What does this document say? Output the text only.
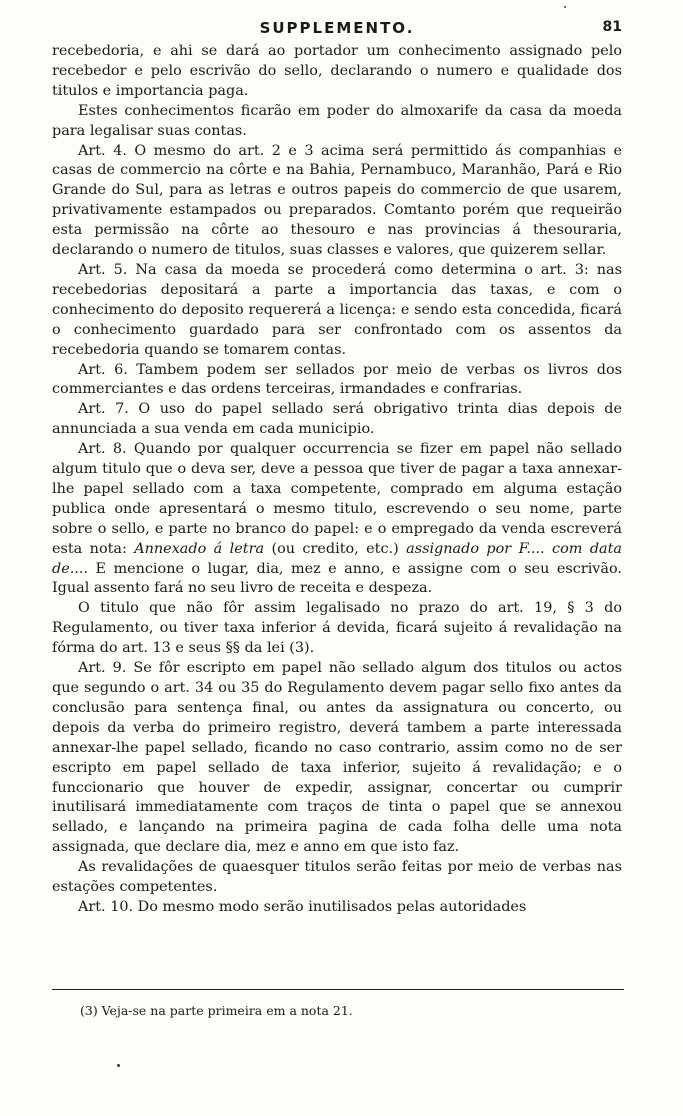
SUPPLEMENTO.	81

recebedoria, e ahi se dará ao portador um conhecimento assignado pelo recebedor e pelo escrivão do sello, declarando o numero e qualidade dos titulos e importancia paga.

Estes conhecimentos ficarão em poder do almoxarife da casa da moeda para legalisar suas contas.

Art. 4. O mesmo do art. 2 e 3 acima será permittido ás companhias e casas de commercio na côrte e na Bahia, Pernambuco, Maranhão, Pará e Rio Grande do Sul, para as letras e outros papeis do commercio de que usarem, privativamente estampados ou preparados. Comtanto porém que requeirão esta permissão na côrte ao thesouro e nas provincias á thesouraria, declarando o numero de titulos, suas classes e valores, que quizerem sellar.

Art. 5. Na casa da moeda se procederá como determina o art. 3: nas recebedorias depositará a parte a importancia das taxas, e com o conhecimento do deposito requererá a licença: e sendo esta concedida, ficará o conhecimento guardado para ser confrontado com os assentos da recebedoria quando se tomarem contas.

Art. 6. Tambem podem ser sellados por meio de verbas os livros dos commerciantes e das ordens terceiras, irmandades e confrarias.

Art. 7. O uso do papel sellado será obrigativo trinta dias depois de annunciada a sua venda em cada municipio.

Art. 8. Quando por qualquer occurrencia se fizer em papel não sellado algum titulo que o deva ser, deve a pessoa que tiver de pagar a taxa annexar-lhe papel sellado com a taxa competente, comprado em alguma estação publica onde apresentará o mesmo titulo, escrevendo o seu nome, parte sobre o sello, e parte no branco do papel: e o empregado da venda escreverá esta nota: Annexado á letra (ou credito, etc.) assignado por F.... com data de.... E mencione o lugar, dia, mez e anno, e assigne com o seu escrivão. Igual assento fará no seu livro de receita e despeza.

O titulo que não fôr assim legalisado no prazo do art. 19, § 3 do Regulamento, ou tiver taxa inferior á devida, ficará sujeito á revalidação na fórma do art. 13 e seus §§ da lei (3).

Art. 9. Se fôr escripto em papel não sellado algum dos titulos ou actos que segundo o art. 34 ou 35 do Regulamento devem pagar sello fixo antes da conclusão para sentença final, ou antes da assignatura ou concerto, ou depois da verba do primeiro registro, deverá tambem a parte interessada annexar-lhe papel sellado, ficando no caso contrario, assim como no de ser escripto em papel sellado de taxa inferior, sujeito á revalidação; e o funccionario que houver de expedir, assignar, concertar ou cumprir inutilisará immediatamente com traços de tinta o papel que se annexou sellado, e lançando na primeira pagina de cada folha delle uma nota assignada, que declare dia, mez e anno em que isto faz.

As revalidações de quaesquer titulos serão feitas por meio de verbas nas estações competentes.

Art. 10. Do mesmo modo serão inutilisados pelas autoridades

(3) Veja-se na parte primeira em a nota 21.
